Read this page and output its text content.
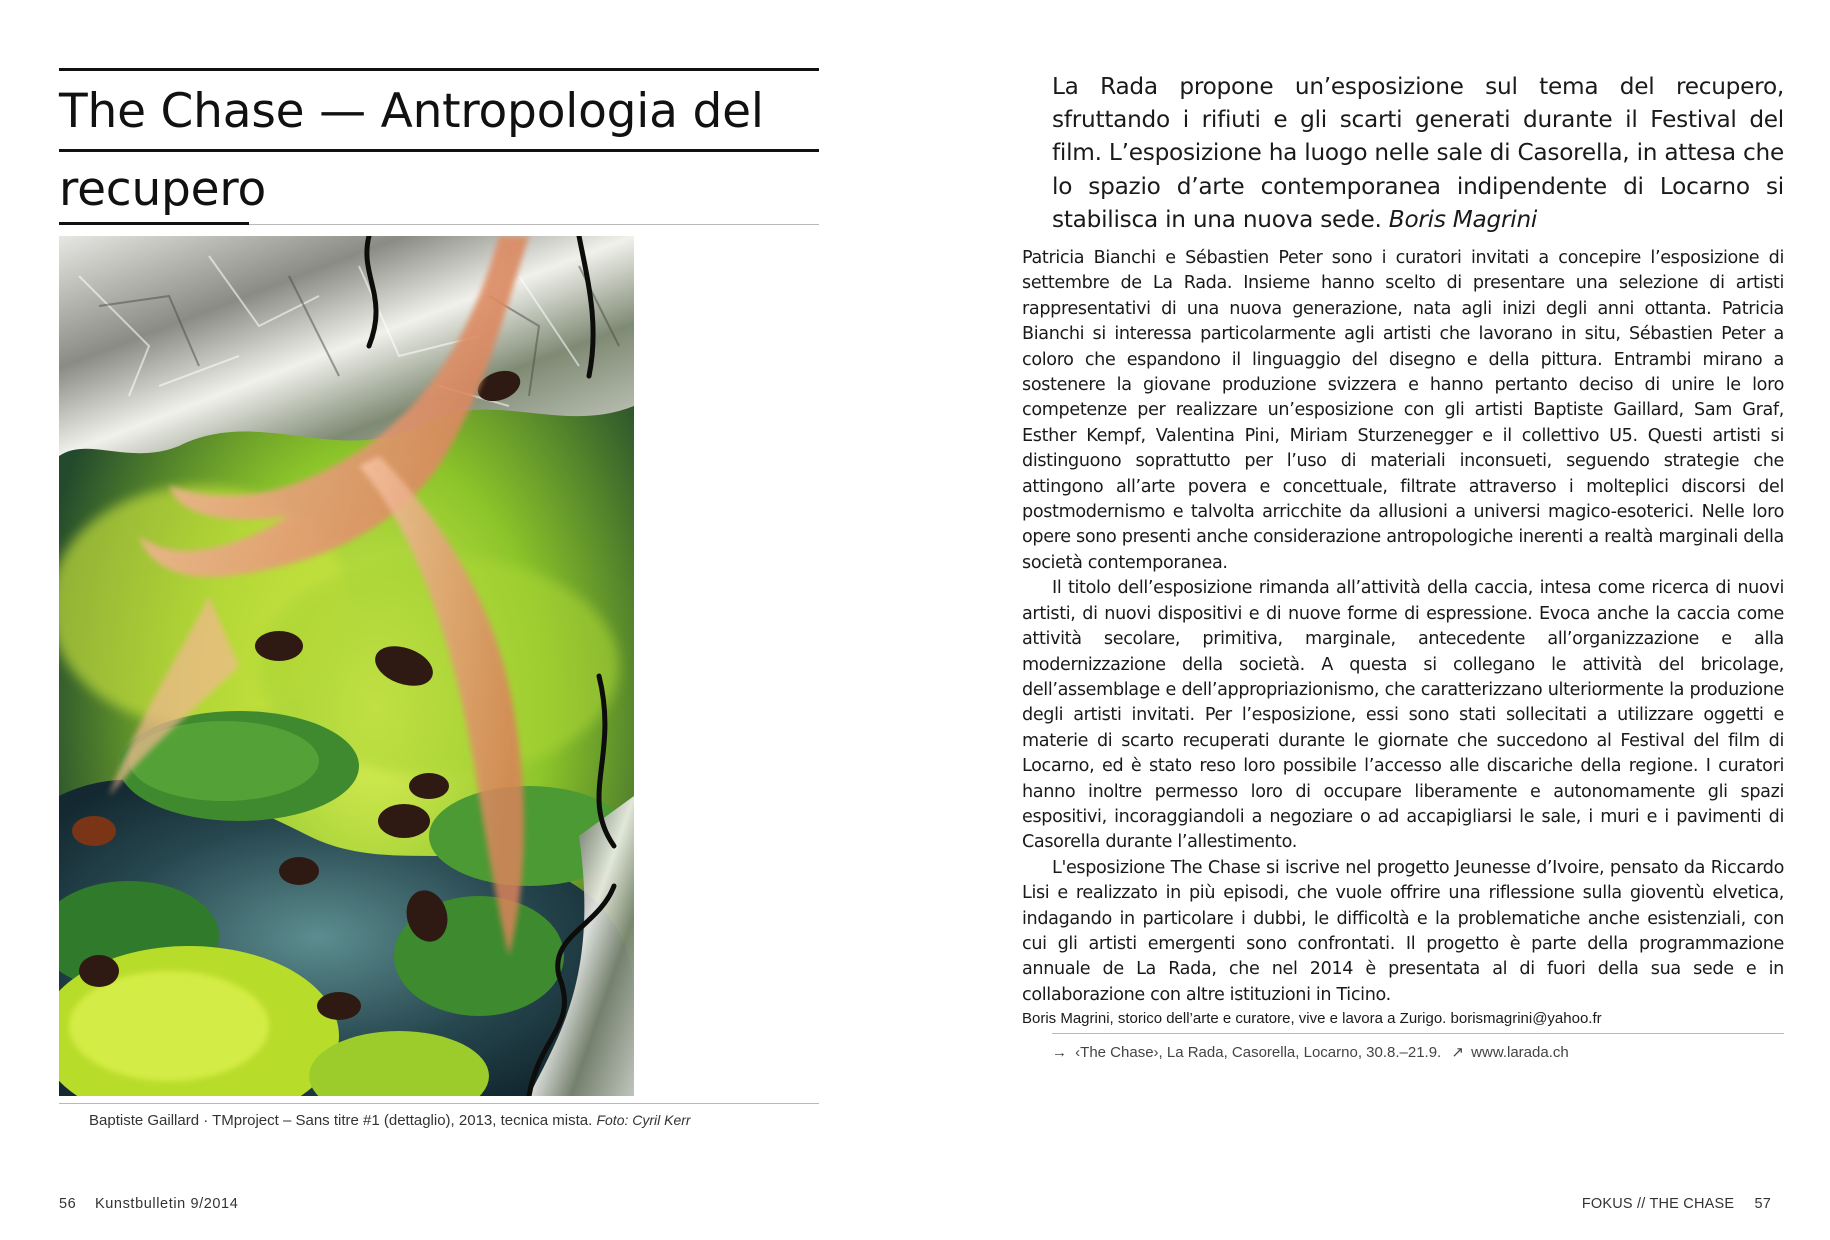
The Chase — Antropologia del
recupero
Baptiste Gaillard · TMproject – Sans titre #1 (dettaglio), 2013, tecnica mista. Foto: Cyril Kerr
56 Kunstbulletin 9/2014
La Rada propone un’esposizione sul tema del recupero, sfruttando i rifiuti e gli scarti generati durante il Festival del film. L’esposizione ha luogo nelle sale di Casorella, in attesa che lo spazio d’arte contemporanea indipendente di Locarno si stabilisca in una nuova sede. Boris Magrini

Patricia Bianchi e Sébastien Peter sono i curatori invitati a concepire l’esposizione di settembre de La Rada. Insieme hanno scelto di presentare una selezione di artisti rappresentativi di una nuova generazione, nata agli inizi degli anni ottanta. Patricia Bianchi si interessa particolarmente agli artisti che lavorano in situ, Sébastien Peter a coloro che espandono il linguaggio del disegno e della pittura. Entrambi mirano a sostenere la giovane produzione svizzera e hanno pertanto deciso di unire le loro competenze per realizzare un’esposizione con gli artisti Baptiste Gaillard, Sam Graf, Esther Kempf, Valentina Pini, Miriam Sturzenegger e il collettivo U5. Questi artisti si distinguono soprattutto per l’uso di materiali inconsueti, seguendo strategie che attingono all’arte povera e concettuale, filtrate attraverso i molteplici discorsi del postmodernismo e talvolta arricchite da allusioni a universi magico-esoterici. Nelle loro opere sono presenti anche considerazione antropologiche inerenti a realtà marginali della società contemporanea.

Il titolo dell’esposizione rimanda all’attività della caccia, intesa come ricerca di nuovi artisti, di nuovi dispositivi e di nuove forme di espressione. Evoca anche la caccia come attività secolare, primitiva, marginale, antecedente all’organizzazione e alla modernizzazione della società. A questa si collegano le attività del bricolage, dell’assemblage e dell’appropriazionismo, che caratterizzano ulteriormente la produzione degli artisti invitati. Per l’esposizione, essi sono stati sollecitati a utilizzare oggetti e materie di scarto recuperati durante le giornate che succedono al Festival del film di Locarno, ed è stato reso loro possibile l’accesso alle discariche della regione. I curatori hanno inoltre permesso loro di occupare liberamente e autonomamente gli spazi espositivi, incoraggiandoli a negoziare o ad accapigliarsi le sale, i muri e i pavimenti di Casorella durante l’allestimento.

L'esposizione The Chase si iscrive nel progetto Jeunesse d’Ivoire, pensato da Riccardo Lisi e realizzato in più episodi, che vuole offrire una riflessione sulla gioventù elvetica, indagando in particolare i dubbi, le difficoltà e la problematiche anche esistenziali, con cui gli artisti emergenti sono confrontati. Il progetto è parte della programmazione annuale de La Rada, che nel 2014 è presentata al di fuori della sua sede e in collaborazione con altre istituzioni in Ticino.

Boris Magrini, storico dell’arte e curatore, vive e lavora a Zurigo. borismagrini@yahoo.fr
→ ‹The Chase›, La Rada, Casorella, Locarno, 30.8.–21.9. ↗ www.larada.ch
FOKUS // THE CHASE 57
